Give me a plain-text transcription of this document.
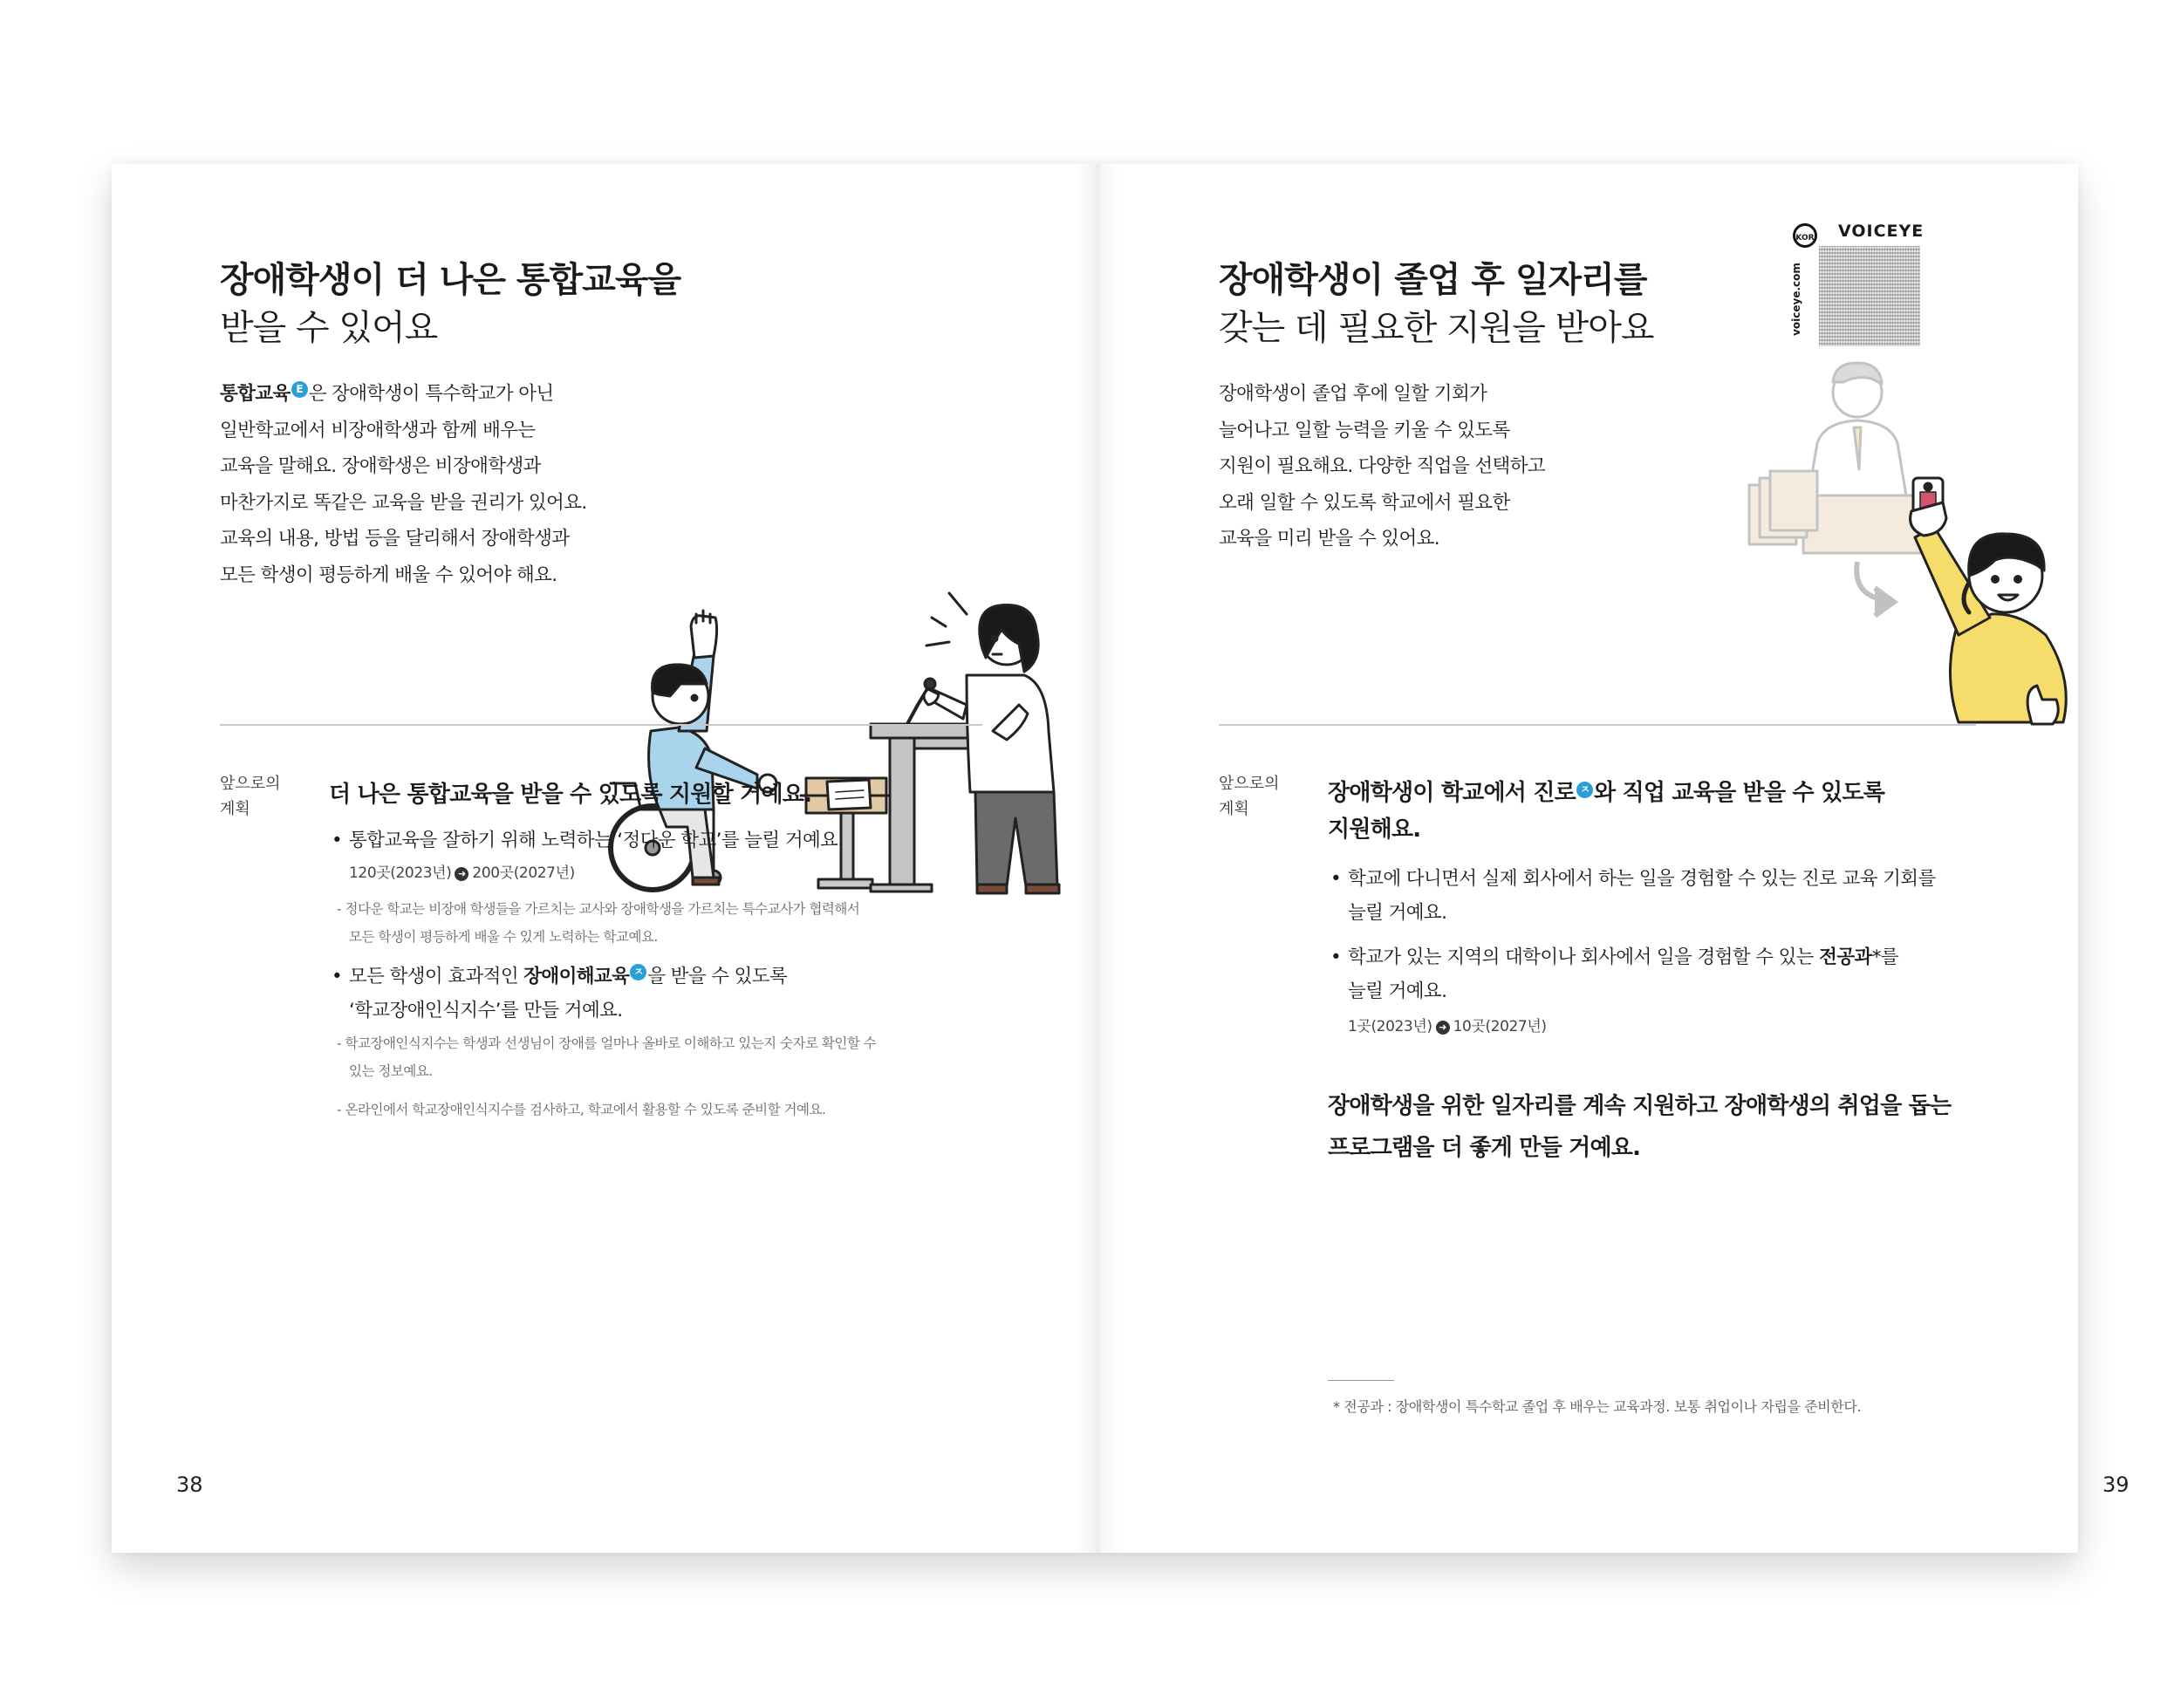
장애학생이 더 나은 통합교육을
받을 수 있어요
통합교육 E 은 장애학생이 특수학교가 아닌
일반학교에서 비장애학생과 함께 배우는
교육을 말해요. 장애학생은 비장애학생과
마찬가지로 똑같은 교육을 받을 권리가 있어요.
교육의 내용, 방법 등을 달리해서 장애학생과
모든 학생이 평등하게 배울 수 있어야 해요.
앞으로의
계획
더 나은 통합교육을 받을 수 있도록 지원할 거예요.
• 통합교육을 잘하기 위해 노력하는 ‘정다운 학교’를 늘릴 거예요.
120곳(2023년) ➜ 200곳(2027년)
- 정다운 학교는 비장애 학생들을 가르치는 교사와 장애학생을 가르치는 특수교사가 협력해서
모든 학생이 평등하게 배울 수 있게 노력하는 학교예요.
• 모든 학생이 효과적인 장애이해교육 ㅈ 을 받을 수 있도록
‘학교장애인식지수’를 만들 거예요.
- 학교장애인식지수는 학생과 선생님이 장애를 얼마나 올바로 이해하고 있는지 숫자로 확인할 수
있는 정보예요.
- 온라인에서 학교장애인식지수를 검사하고, 학교에서 활용할 수 있도록 준비할 거예요.
38
장애학생이 졸업 후 일자리를
갖는 데 필요한 지원을 받아요
KOR VOICEYE
voiceye.com
장애학생이 졸업 후에 일할 기회가
늘어나고 일할 능력을 키울 수 있도록
지원이 필요해요. 다양한 직업을 선택하고
오래 일할 수 있도록 학교에서 필요한
교육을 미리 받을 수 있어요.
앞으로의
계획
장애학생이 학교에서 진로 ㅈ 와 직업 교육을 받을 수 있도록
지원해요.
• 학교에 다니면서 실제 회사에서 하는 일을 경험할 수 있는 진로 교육 기회를
늘릴 거예요.
• 학교가 있는 지역의 대학이나 회사에서 일을 경험할 수 있는 전공과*를
늘릴 거예요.
1곳(2023년) ➜ 10곳(2027년)
장애학생을 위한 일자리를 계속 지원하고 장애학생의 취업을 돕는
프로그램을 더 좋게 만들 거예요.
* 전공과 : 장애학생이 특수학교 졸업 후 배우는 교육과정. 보통 취업이나 자립을 준비한다.
39
